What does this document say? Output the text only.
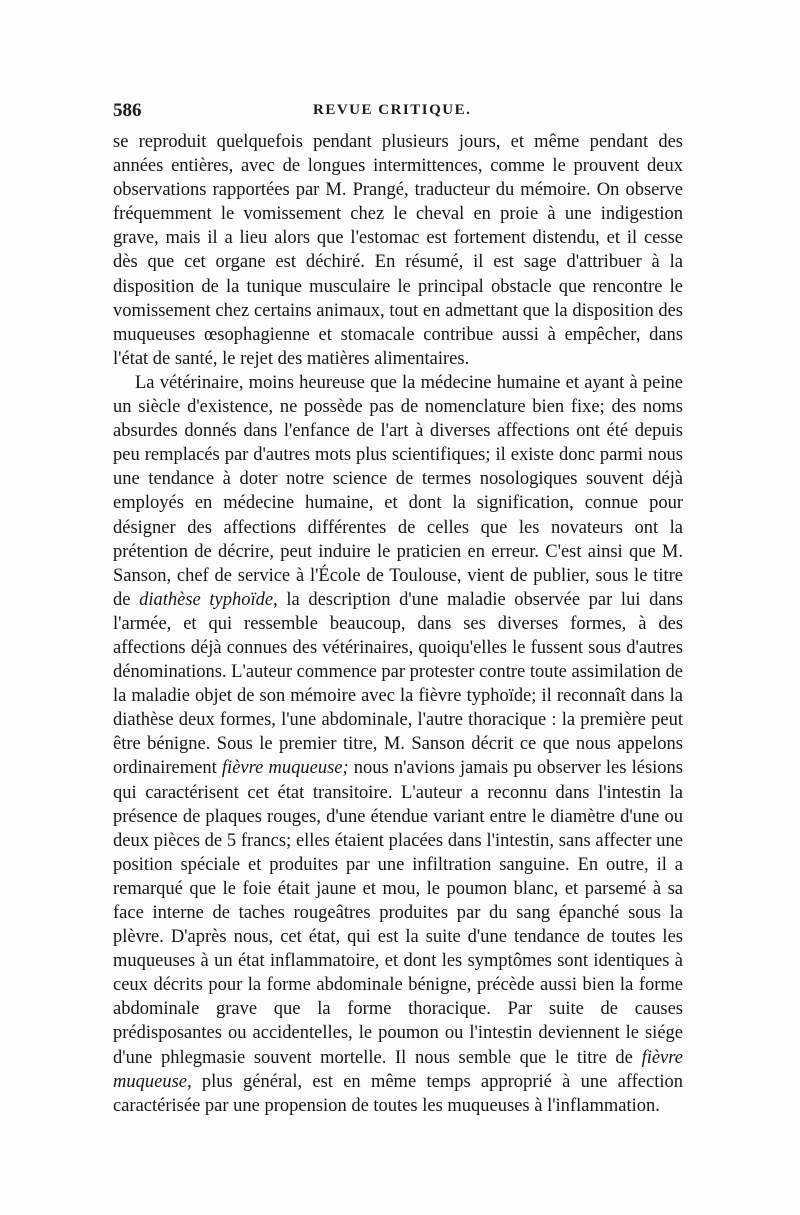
586	REVUE CRITIQUE.

se reproduit quelquefois pendant plusieurs jours, et même pendant des années entières, avec de longues intermittences, comme le prouvent deux observations rapportées par M. Prangé, traducteur du mémoire. On observe fréquemment le vomissement chez le cheval en proie à une indigestion grave, mais il a lieu alors que l'estomac est fortement distendu, et il cesse dès que cet organe est déchiré. En résumé, il est sage d'attribuer à la disposition de la tunique musculaire le principal obstacle que rencontre le vomissement chez certains animaux, tout en admettant que la disposition des muqueuses œsophagienne et stomacale contribue aussi à empêcher, dans l'état de santé, le rejet des matières alimentaires.

La vétérinaire, moins heureuse que la médecine humaine et ayant à peine un siècle d'existence, ne possède pas de nomenclature bien fixe; des noms absurdes donnés dans l'enfance de l'art à diverses affections ont été depuis peu remplacés par d'autres mots plus scientifiques; il existe donc parmi nous une tendance à doter notre science de termes nosologiques souvent déjà employés en médecine humaine, et dont la signification, connue pour désigner des affections différentes de celles que les novateurs ont la prétention de décrire, peut induire le praticien en erreur. C'est ainsi que M. Sanson, chef de service à l'École de Toulouse, vient de publier, sous le titre de diathèse typhoïde, la description d'une maladie observée par lui dans l'armée, et qui ressemble beaucoup, dans ses diverses formes, à des affections déjà connues des vétérinaires, quoiqu'elles le fussent sous d'autres dénominations. L'auteur commence par protester contre toute assimilation de la maladie objet de son mémoire avec la fièvre typhoïde; il reconnaît dans la diathèse deux formes, l'une abdominale, l'autre thoracique : la première peut être bénigne. Sous le premier titre, M. Sanson décrit ce que nous appelons ordinairement fièvre muqueuse; nous n'avions jamais pu observer les lésions qui caractérisent cet état transitoire. L'auteur a reconnu dans l'intestin la présence de plaques rouges, d'une étendue variant entre le diamètre d'une ou deux pièces de 5 francs; elles étaient placées dans l'intestin, sans affecter une position spéciale et produites par une infiltration sanguine. En outre, il a remarqué que le foie était jaune et mou, le poumon blanc, et parsemé à sa face interne de taches rougeâtres produites par du sang épanché sous la plèvre. D'après nous, cet état, qui est la suite d'une tendance de toutes les muqueuses à un état inflammatoire, et dont les symptômes sont identiques à ceux décrits pour la forme abdominale bénigne, précède aussi bien la forme abdominale grave que la forme thoracique. Par suite de causes prédisposantes ou accidentelles, le poumon ou l'intestin deviennent le siége d'une phlegmasie souvent mortelle. Il nous semble que le titre de fièvre muqueuse, plus général, est en même temps approprié à une affection caractérisée par une propension de toutes les muqueuses à l'inflammation.
